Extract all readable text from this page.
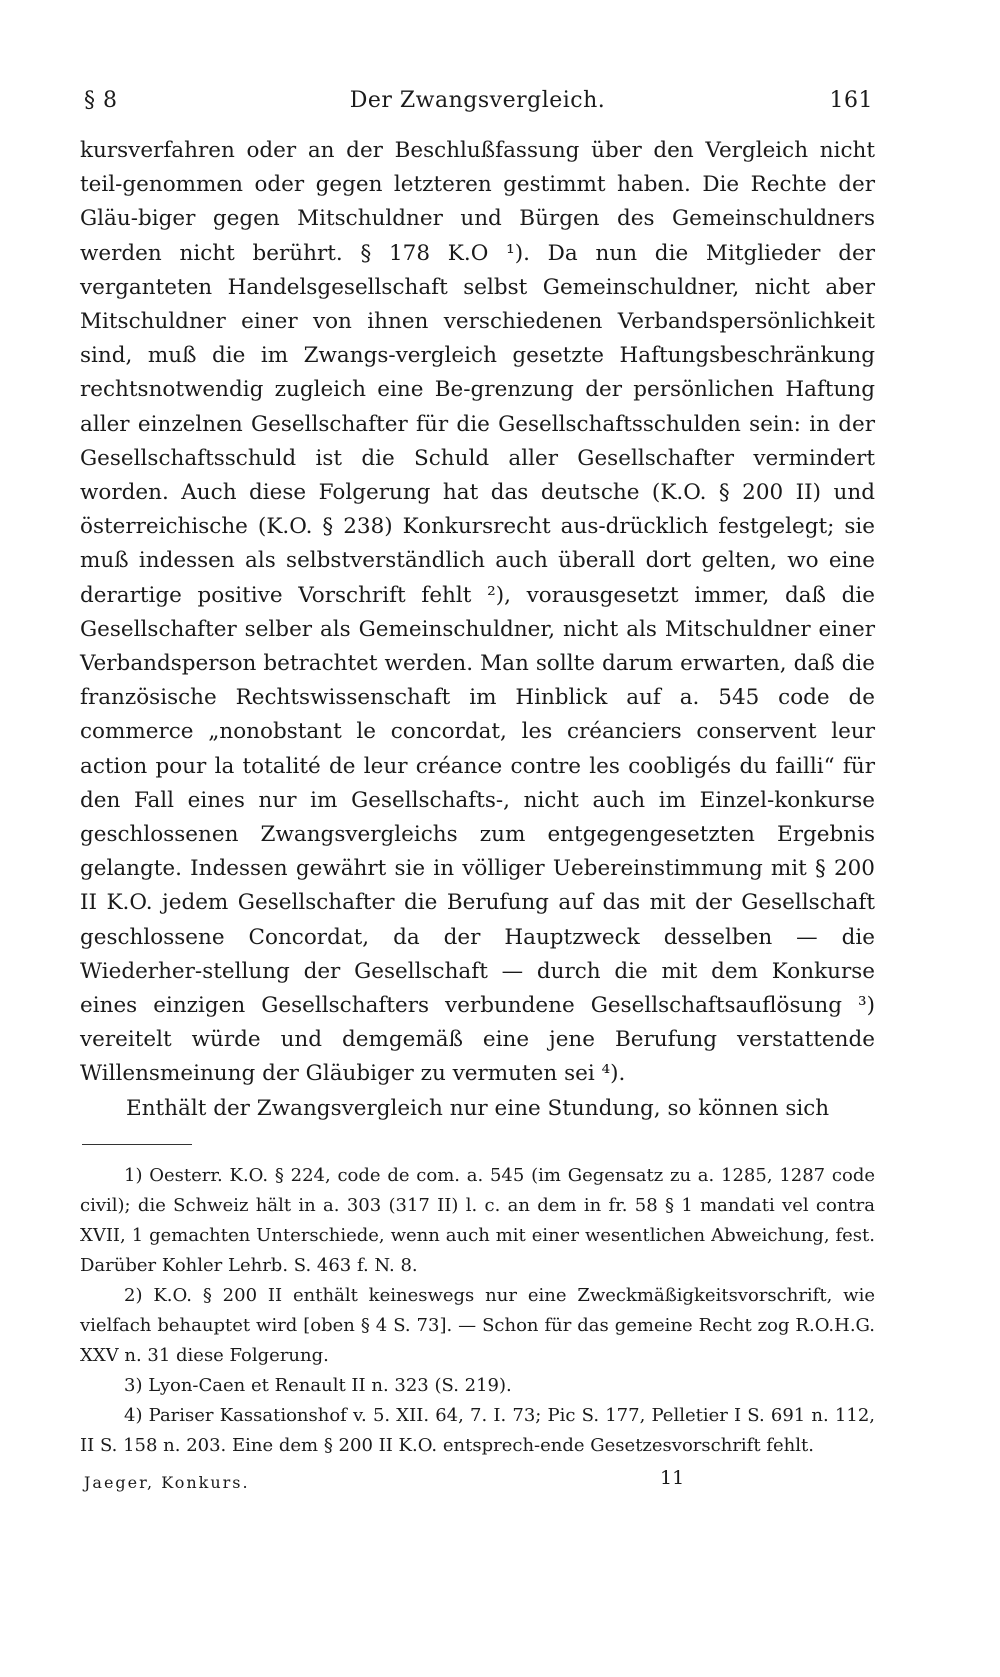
§ 8	Der Zwangsvergleich.	161

kursverfahren oder an der Beschlußfassung über den Vergleich nicht teil-genommen oder gegen letzteren gestimmt haben. Die Rechte der Gläu-biger gegen Mitschuldner und Bürgen des Gemeinschuldners werden nicht berührt. § 178 K.O ¹). Da nun die Mitglieder der verganteten Handelsgesellschaft selbst Gemeinschuldner, nicht aber Mitschuldner einer von ihnen verschiedenen Verbandspersönlichkeit sind, muß die im Zwangs-vergleich gesetzte Haftungsbeschränkung rechtsnotwendig zugleich eine Be-grenzung der persönlichen Haftung aller einzelnen Gesellschafter für die Gesellschaftsschulden sein: in der Gesellschaftsschuld ist die Schuld aller Gesellschafter vermindert worden. Auch diese Folgerung hat das deutsche (K.O. § 200 II) und österreichische (K.O. § 238) Konkursrecht aus-drücklich festgelegt; sie muß indessen als selbstverständlich auch überall dort gelten, wo eine derartige positive Vorschrift fehlt ²), vorausgesetzt immer, daß die Gesellschafter selber als Gemeinschuldner, nicht als Mitschuldner einer Verbandsperson betrachtet werden. Man sollte darum erwarten, daß die französische Rechtswissenschaft im Hinblick auf a. 545 code de commerce „nonobstant le concordat, les créanciers conservent leur action pour la totalité de leur créance contre les coobligés du failli“ für den Fall eines nur im Gesellschafts-, nicht auch im Einzel-konkurse geschlossenen Zwangsvergleichs zum entgegengesetzten Ergebnis gelangte. Indessen gewährt sie in völliger Uebereinstimmung mit § 200 II K.O. jedem Gesellschafter die Berufung auf das mit der Gesellschaft geschlossene Concordat, da der Hauptzweck desselben — die Wiederher-stellung der Gesellschaft — durch die mit dem Konkurse eines einzigen Gesellschafters verbundene Gesellschaftsauflösung ³) vereitelt würde und demgemäß eine jene Berufung verstattende Willensmeinung der Gläubiger zu vermuten sei ⁴).

Enthält der Zwangsvergleich nur eine Stundung, so können sich

1) Oesterr. K.O. § 224, code de com. a. 545 (im Gegensatz zu a. 1285, 1287 code civil); die Schweiz hält in a. 303 (317 II) l. c. an dem in fr. 58 § 1 mandati vel contra XVII, 1 gemachten Unterschiede, wenn auch mit einer wesentlichen Abweichung, fest. Darüber Kohler Lehrb. S. 463 f. N. 8.

2) K.O. § 200 II enthält keineswegs nur eine Zweckmäßigkeitsvorschrift, wie vielfach behauptet wird [oben § 4 S. 73]. — Schon für das gemeine Recht zog R.O.H.G. XXV n. 31 diese Folgerung.

3) Lyon-Caen et Renault II n. 323 (S. 219).

4) Pariser Kassationshof v. 5. XII. 64, 7. I. 73; Pic S. 177, Pelletier I S. 691 n. 112, II S. 158 n. 203. Eine dem § 200 II K.O. entsprech-ende Gesetzesvorschrift fehlt.

Jaeger, Konkurs.	11
